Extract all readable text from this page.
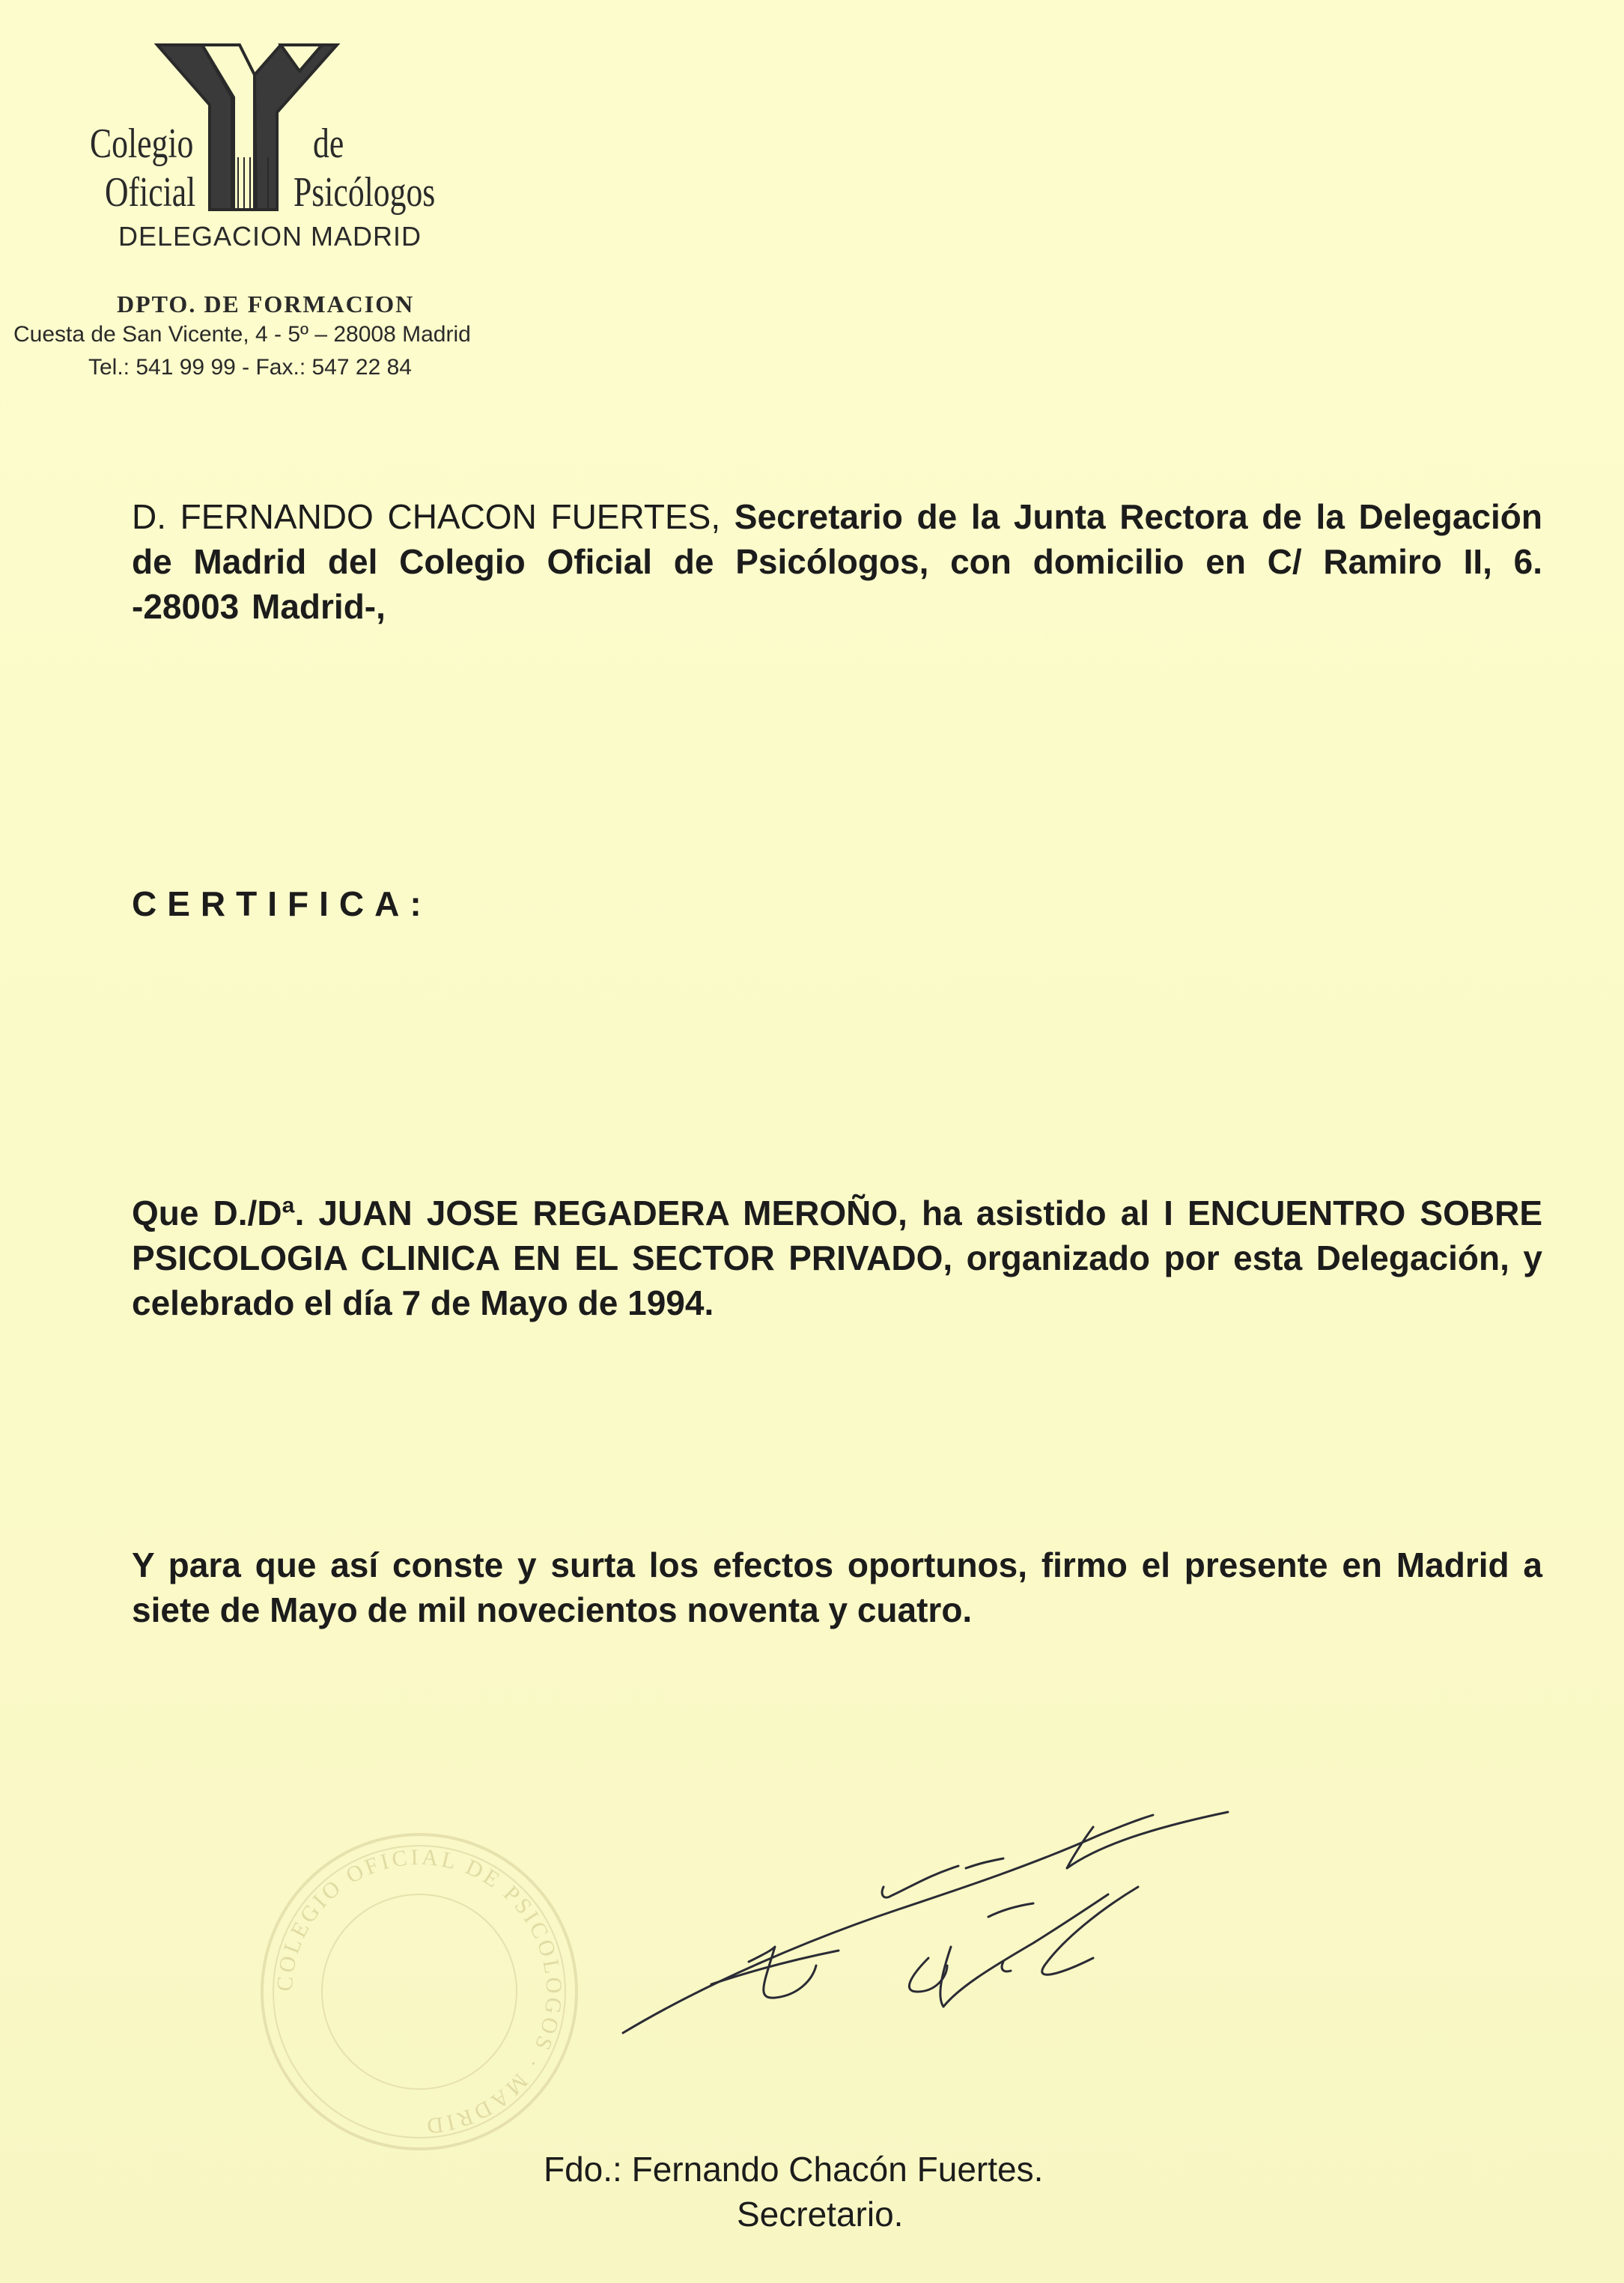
Colegio
Oficial
de
Psicólogos
DELEGACION MADRID
DPTO. DE FORMACION
Cuesta de San Vicente, 4 - 5º – 28008 Madrid
Tel.: 541 99 99 - Fax.: 547 22 84
D. FERNANDO CHACON FUERTES, Secretario de la Junta Rectora de la Delegación de Madrid del Colegio Oficial de Psicólogos, con domicilio en C/ Ramiro II, 6. -28003 Madrid-,
CERTIFICA:
Que D./Dª. JUAN JOSE REGADERA MEROÑO, ha asistido al I ENCUENTRO SOBRE PSICOLOGIA CLINICA EN EL SECTOR PRIVADO, organizado por esta Delegación, y celebrado el día 7 de Mayo de 1994.
Y para que así conste y surta los efectos oportunos, firmo el presente en Madrid a siete de Mayo de mil novecientos noventa y cuatro.
COLEGIO OFICIAL DE PSICOLOGOS · MADRID
Fdo.: Fernando Chacón Fuertes.
Secretario.
